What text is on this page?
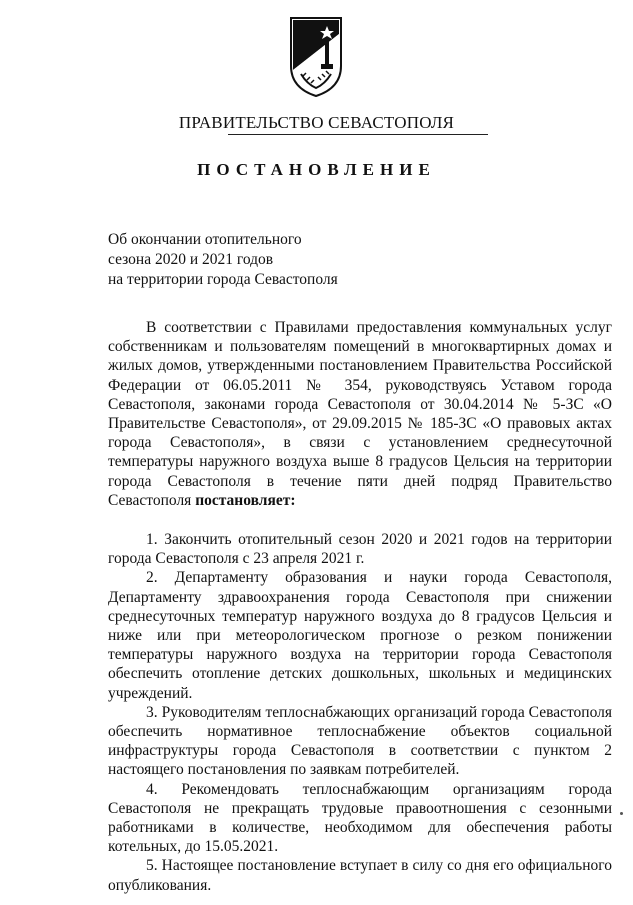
ПРАВИТЕЛЬСТВО СЕВАСТОПОЛЯ
ПОСТАНОВЛЕНИЕ
Об окончании отопительного
сезона 2020 и 2021 годов
на территории города Севастополя

В соответствии с Правилами предоставления коммунальных услуг собственникам и пользователям помещений в многоквартирных домах и жилых домов, утвержденными постановлением Правительства Российской Федерации от 06.05.2011 № 354, руководствуясь Уставом города Севастополя, законами города Севастополя от 30.04.2014 № 5-ЗС «О Правительстве Севастополя», от 29.09.2015 № 185-ЗС «О правовых актах города Севастополя», в связи с установлением среднесуточной температуры наружного воздуха выше 8 градусов Цельсия на территории города Севастополя в течение пяти дней подряд Правительство Севастополя постановляет:

1. Закончить отопительный сезон 2020 и 2021 годов на территории города Севастополя с 23 апреля 2021 г.

2. Департаменту образования и науки города Севастополя, Департаменту здравоохранения города Севастополя при снижении среднесуточных температур наружного воздуха до 8 градусов Цельсия и ниже или при метеорологическом прогнозе о резком понижении температуры наружного воздуха на территории города Севастополя обеспечить отопление детских дошкольных, школьных и медицинских учреждений.

3. Руководителям теплоснабжающих организаций города Севастополя обеспечить нормативное теплоснабжение объектов социальной инфраструктуры города Севастополя в соответствии с пунктом 2 настоящего постановления по заявкам потребителей.

4. Рекомендовать теплоснабжающим организациям города Севастополя не прекращать трудовые правоотношения с сезонными работниками в количестве, необходимом для обеспечения работы котельных, до 15.05.2021.

5. Настоящее постановление вступает в силу со дня его официального опубликования.
